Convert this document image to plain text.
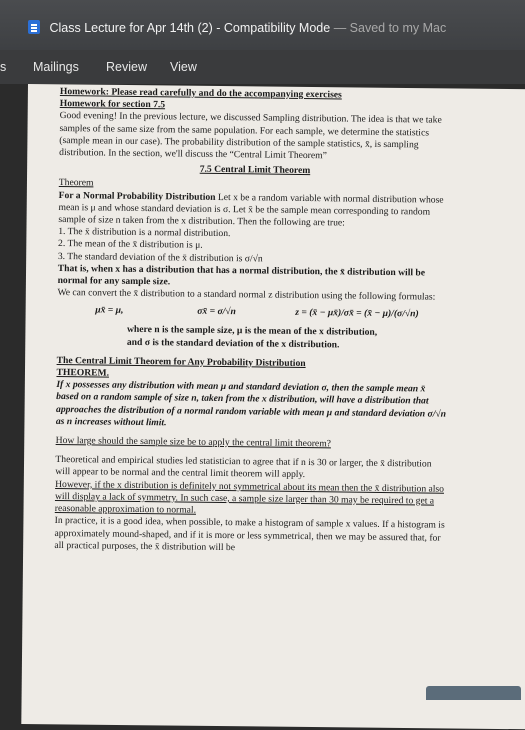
Class Lecture for Apr 14th (2) - Compatibility Mode — Saved to my Mac
s Mailings Review View

Homework: Please read carefully and do the accompanying exercises

Homework for section 7.5

Good evening! In the previous lecture, we discussed Sampling distribution. The idea is that we take samples of the same size from the same population. For each sample, we determine the statistics (sample mean in our case). The probability distribution of the sample statistics, x̄, is sampling distribution. In the section, we'll discuss the “Central Limit Theorem”

7.5 Central Limit Theorem

Theorem

For a Normal Probability Distribution Let x be a random variable with normal distribution whose mean is μ and whose standard deviation is σ. Let x̄ be the sample mean corresponding to random sample of size n taken from the x distribution. Then the following are true:

1. The x̄ distribution is a normal distribution.

2. The mean of the x̄ distribution is μ.

3. The standard deviation of the x̄ distribution is σ/√n

That is, when x has a distribution that has a normal distribution, the x̄ distribution will be normal for any sample size.

We can convert the x̄ distribution to a standard normal z distribution using the following formulas:

μx̄ = μ,	σx̄ = σ/√n	z = (x̄ − μx̄)/σx̄ = (x̄ − μ)/(σ/√n)

where n is the sample size, μ is the mean of the x distribution,

and σ is the standard deviation of the x distribution.

The Central Limit Theorem for Any Probability Distribution

THEOREM.

If x possesses any distribution with mean μ and standard deviation σ, then the sample mean x̄ based on a random sample of size n, taken from the x distribution, will have a distribution that approaches the distribution of a normal random variable with mean μ and standard deviation σ/√n as n increases without limit.

How large should the sample size be to apply the central limit theorem?

Theoretical and empirical studies led statistician to agree that if n is 30 or larger, the x̄ distribution will appear to be normal and the central limit theorem will apply.

However, if the x distribution is definitely not symmetrical about its mean then the x̄ distribution also will display a lack of symmetry. In such case, a sample size larger than 30 may be required to get a reasonable approximation to normal.

In practice, it is a good idea, when possible, to make a histogram of sample x values. If a histogram is approximately mound-shaped, and if it is more or less symmetrical, then we may be assured that, for all practical purposes, the x̄ distribution will be
